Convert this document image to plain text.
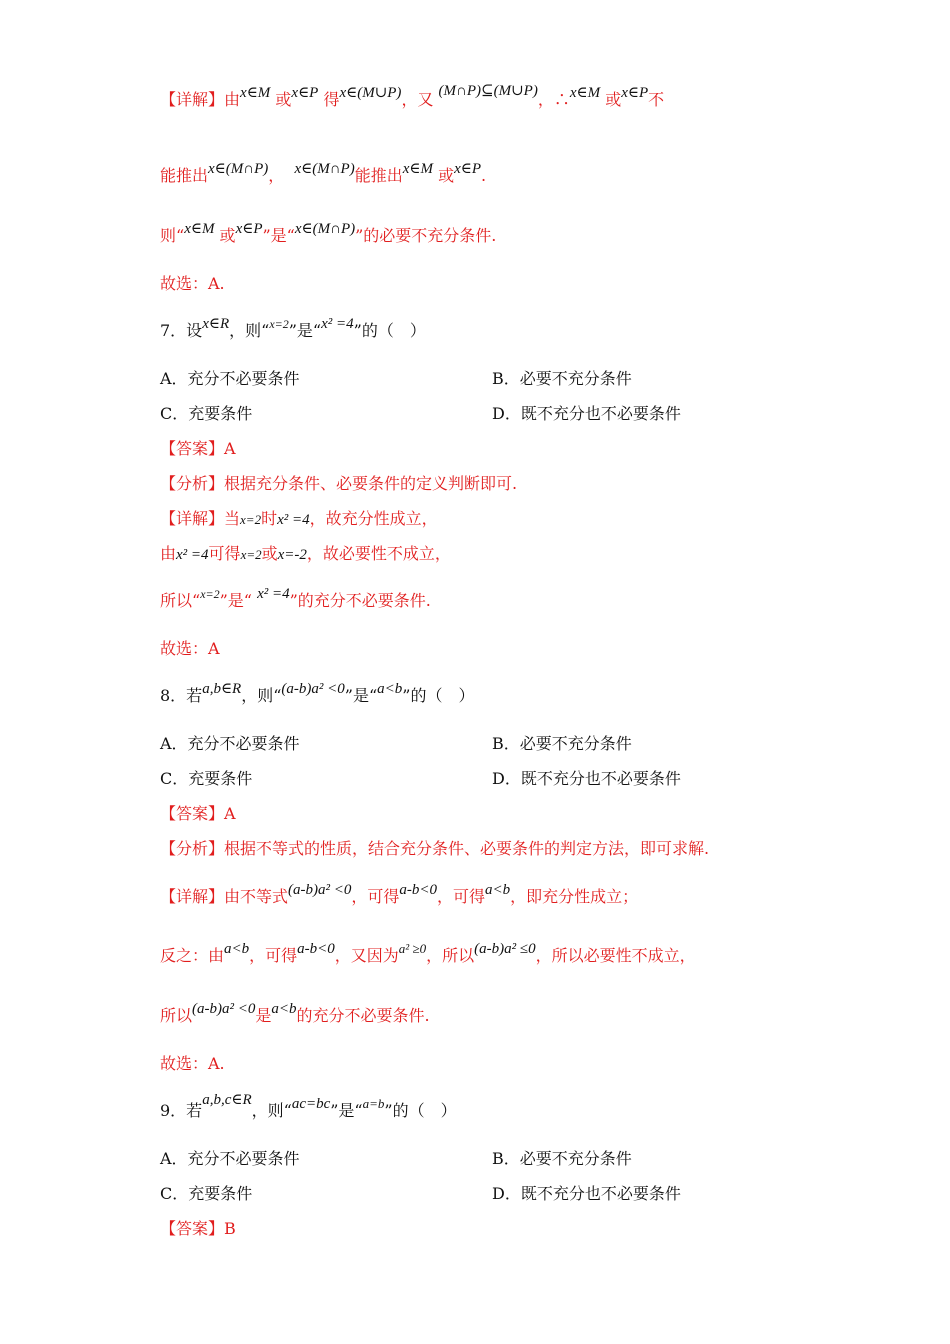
【详解】由x∈M 或x∈P 得x∈(M∪P)，又 (M∩P)⊆(M∪P)，∴x∈M 或x∈P不
能推出x∈(M∩P)， x∈(M∩P)能推出x∈M 或x∈P.
则“x∈M 或x∈P”是“x∈(M∩P)”的必要不充分条件.
故选：A.
7．设x∈R，则“$^{x=2}$”是“x² =4”的（　）
A．充分不必要条件	B．必要不充分条件
C．充要条件	D．既不充分也不必要条件
【答案】A
【分析】根据充分条件、必要条件的定义判断即可.
【详解】当x=2时x² =4，故充分性成立，
由x² =4可得x=2或x=-2，故必要性不成立，
所以“$^{x=2}$”是“ x² =4”的充分不必要条件.
故选：A
8．若a,b∈R，则“(a-b)a² <0”是“a<b”的（　）
A．充分不必要条件	B．必要不充分条件
C．充要条件	D．既不充分也不必要条件
【答案】A
【分析】根据不等式的性质，结合充分条件、必要条件的判定方法，即可求解.
【详解】由不等式(a-b)a² <0，可得a-b<0，可得a<b，即充分性成立；
反之：由a<b，可得a-b<0，又因为$^{a^2 \ge 0}$，所以(a-b)a² ≤0，所以必要性不成立，
所以(a-b)a² <0是a<b的充分不必要条件.
故选：A.
9．若a,b,c∈R，则“ac=bc”是“$^{a=b}$”的（　）
A．充分不必要条件	B．必要不充分条件
C．充要条件	D．既不充分也不必要条件
【答案】B
